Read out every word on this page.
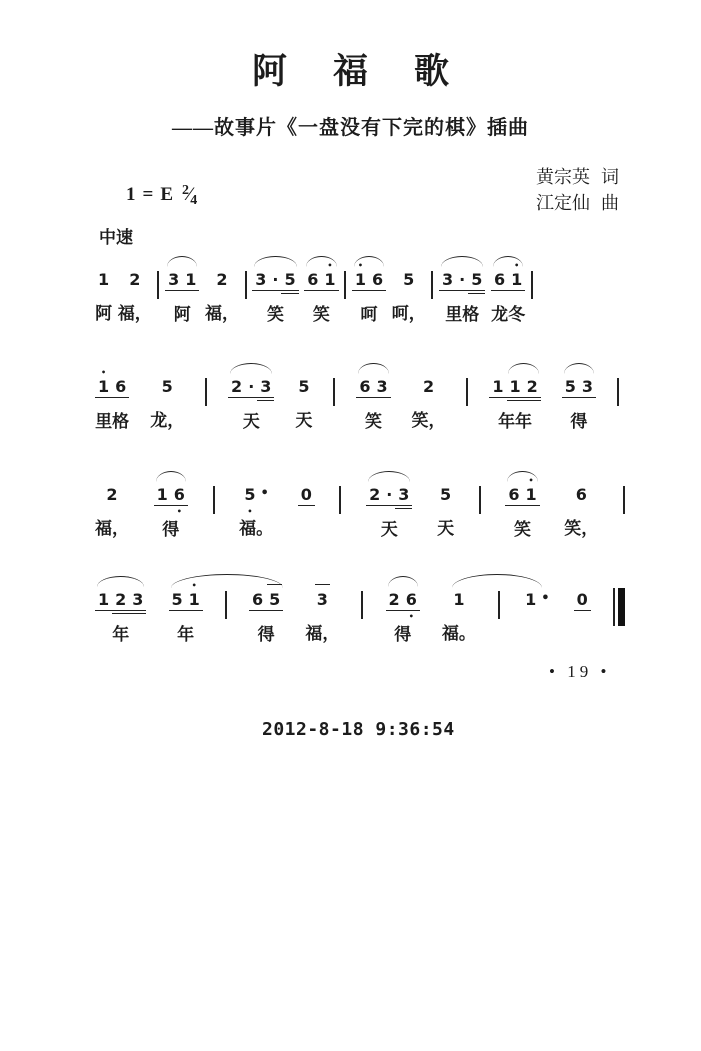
阿福歌
——故事片《一盘没有下完的棋》插曲
1 = E $^2⁄_4$
黄宗英 词
江定仙 曲
中速
1
阿
2
福，
3 1
阿
2
福，
3 · 5
笑
6 1
•
笑
1
•
6
呵
5
呵，
3 · 5
里格
6 1
•
龙冬
1
•
6
里格
5
龙，
2 · 3
天
5
天
6 3
笑
2
笑，
1 1 2
年年
5 3
得
2
福，
1 6
•
得
5
•
•
福。
0	2 · 3
天
5
天
6 1
•
笑
6
笑，
1 2 3
年
5 1
•
年
6 5
得
3
福，
2 6
•
得
1
福。
1 • 0
• 19 •
2012-8-18 9:36:54
